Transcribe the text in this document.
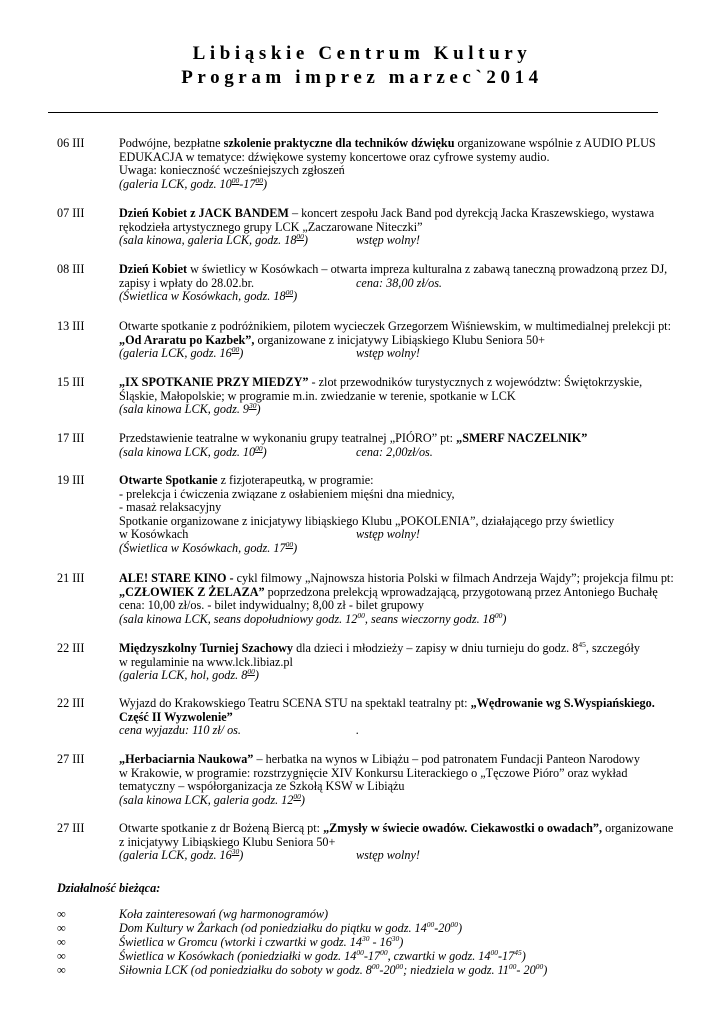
Libiąskie Centrum Kultury
Program imprez marzec`2014
06 III	Podwójne, bezpłatne szkolenie praktyczne dla techników dźwięku organizowane wspólnie z AUDIO PLUS
EDUKACJA w tematyce: dźwiękowe systemy koncertowe oraz cyfrowe systemy audio.
Uwaga: konieczność wcześniejszych zgłoszeń
(galeria LCK, godz. $10^{00}-17^{00}$)
07 III	Dzień Kobiet z JACK BANDEM – koncert zespołu Jack Band pod dyrekcją Jacka Kraszewskiego, wystawa
rękodzieła artystycznego grupy LCK „Zaczarowane Niteczki”
(sala kinowa, galeria LCK, godz. $18^{00}$)	wstęp wolny!
08 III	Dzień Kobiet w świetlicy w Kosówkach – otwarta impreza kulturalna z zabawą taneczną prowadzoną przez DJ,
zapisy i wpłaty do 28.02.br.	cena: 38,00 zł/os.
(Świetlica w Kosówkach, godz. $18^{00}$)
13 III	Otwarte spotkanie z podróżnikiem, pilotem wycieczek Grzegorzem Wiśniewskim, w multimedialnej prelekcji pt:
„Od Araratu po Kazbek”, organizowane z inicjatywy Libiąskiego Klubu Seniora 50+
(galeria LCK, godz. $16^{00}$)	wstęp wolny!
15 III	„IX SPOTKANIE PRZY MIEDZY” - zlot przewodników turystycznych z województw: Świętokrzyskie,
Śląskie, Małopolskie; w programie m.in. zwiedzanie w terenie, spotkanie w LCK
(sala kinowa LCK, godz. $9^{30}$)
17 III	Przedstawienie teatralne w wykonaniu grupy teatralnej „PIÓRO” pt: „SMERF NACZELNIK”
(sala kinowa LCK, godz. $10^{00}$)	cena: 2,00zł/os.
19 III	Otwarte Spotkanie z fizjoterapeutką, w programie:
- prelekcja i ćwiczenia związane z osłabieniem mięśni dna miednicy,
- masaż relaksacyjny
Spotkanie organizowane z inicjatywy libiąskiego Klubu „POKOLENIA”, działającego przy świetlicy
w Kosówkach	wstęp wolny!
(Świetlica w Kosówkach, godz. $17^{00}$)
21 III	ALE! STARE KINO - cykl filmowy „Najnowsza historia Polski w filmach Andrzeja Wajdy”; projekcja filmu pt:
„CZŁOWIEK Z ŻELAZA” poprzedzona prelekcją wprowadzającą, przygotowaną przez Antoniego Buchałę
cena: 10,00 zł/os. - bilet indywidualny; 8,00 zł - bilet grupowy
(sala kinowa LCK, seans dopołudniowy godz. $12^{00}$, seans wieczorny godz. $18^{00}$)
22 III	Międzyszkolny Turniej Szachowy dla dzieci i młodzieży – zapisy w dniu turnieju do godz. $8^{45}$, szczegóły
w regulaminie na www.lck.libiaz.pl
(galeria LCK, hol, godz. $8^{00}$)
22 III	Wyjazd do Krakowskiego Teatru SCENA STU na spektakl teatralny pt: „Wędrowanie wg S.Wyspiańskiego.
Część II Wyzwolenie”
cena wyjazdu: 110 zł/ os.	.
27 III	„Herbaciarnia Naukowa” – herbatka na wynos w Libiążu – pod patronatem Fundacji Panteon Narodowy
w Krakowie, w programie: rozstrzygnięcie XIV Konkursu Literackiego o „Tęczowe Pióro” oraz wykład
tematyczny – współorganizacja ze Szkołą KSW w Libiążu
(sala kinowa LCK, galeria godz. $12^{00}$)
27 III	Otwarte spotkanie z dr Bożeną Biercą pt: „Zmysły w świecie owadów. Ciekawostki o owadach”, organizowane
z inicjatywy Libiąskiego Klubu Seniora 50+
(galeria LCK, godz. $16^{30}$)	wstęp wolny!
Działalność bieżąca:
∞	Koła zainteresowań (wg harmonogramów)
∞	Dom Kultury w Żarkach (od poniedziałku do piątku w godz. $14^{00}-20^{00}$)
∞	Świetlica w Gromcu (wtorki i czwartki w godz. $14^{30} - 16^{30}$)
∞	Świetlica w Kosówkach (poniedziałki w godz. $14^{00}-17^{00}$, czwartki w godz. $14^{00}-17^{45}$)
∞	Siłownia LCK (od poniedziałku do soboty w godz. $8^{00}-20^{00}$; niedziela w godz. $11^{00}-$ $20^{00}$)
